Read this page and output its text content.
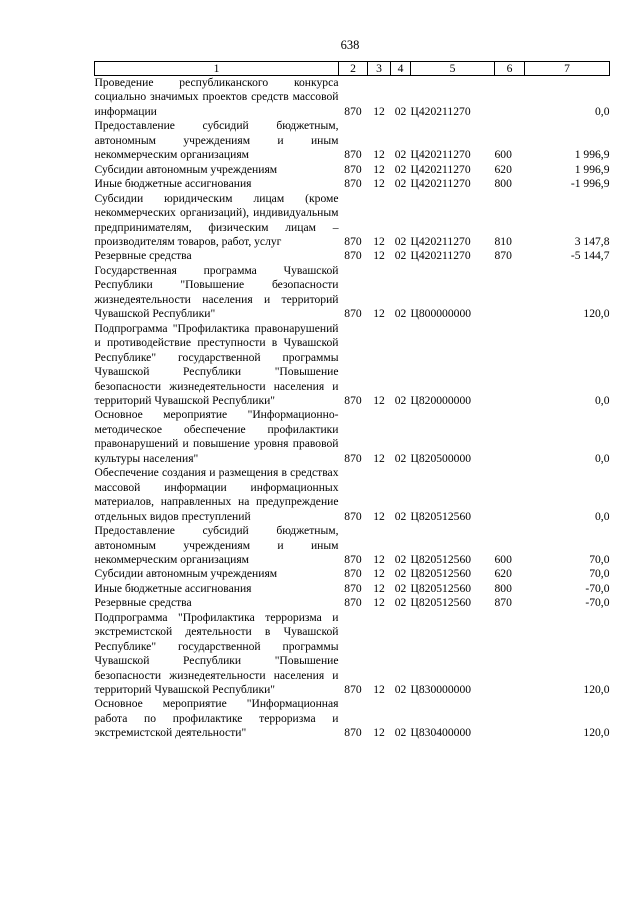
638
1	2	3	4	5	6	7
Проведение республиканского конкурса социально значимых проектов средств массовой информации	870	12	02	Ц420211270		0,0
Предоставление субсидий бюджетным, автономным учреждениям и иным некоммерческим организациям	870	12	02	Ц420211270	600	1 996,9
Субсидии автономным учреждениям	870	12	02	Ц420211270	620	1 996,9
Иные бюджетные ассигнования	870	12	02	Ц420211270	800	-1 996,9
Субсидии юридическим лицам (кроме некоммерческих организаций), индивидуальным предпринимателям, физическим лицам – производителям товаров, работ, услуг	870	12	02	Ц420211270	810	3 147,8
Резервные средства	870	12	02	Ц420211270	870	-5 144,7
Государственная программа Чувашской Республики "Повышение безопасности жизнедеятельности населения и территорий Чувашской Республики"	870	12	02	Ц800000000		120,0
Подпрограмма "Профилактика правонарушений и противодействие преступности в Чувашской Республике" государственной программы Чувашской Республики "Повышение безопасности жизнедеятельности населения и территорий Чувашской Республики"	870	12	02	Ц820000000		0,0
Основное мероприятие "Информационно-методическое обеспечение профилактики правонарушений и повышение уровня правовой культуры населения"	870	12	02	Ц820500000		0,0
Обеспечение создания и размещения в средствах массовой информации информационных материалов, направленных на предупреждение отдельных видов преступлений	870	12	02	Ц820512560		0,0
Предоставление субсидий бюджетным, автономным учреждениям и иным некоммерческим организациям	870	12	02	Ц820512560	600	70,0
Субсидии автономным учреждениям	870	12	02	Ц820512560	620	70,0
Иные бюджетные ассигнования	870	12	02	Ц820512560	800	-70,0
Резервные средства	870	12	02	Ц820512560	870	-70,0
Подпрограмма "Профилактика терроризма и экстремистской деятельности в Чувашской Республике" государственной программы Чувашской Республики "Повышение безопасности жизнедеятельности населения и территорий Чувашской Республики"	870	12	02	Ц830000000		120,0
Основное мероприятие "Информационная работа по профилактике терроризма и экстремистской деятельности"	870	12	02	Ц830400000		120,0
